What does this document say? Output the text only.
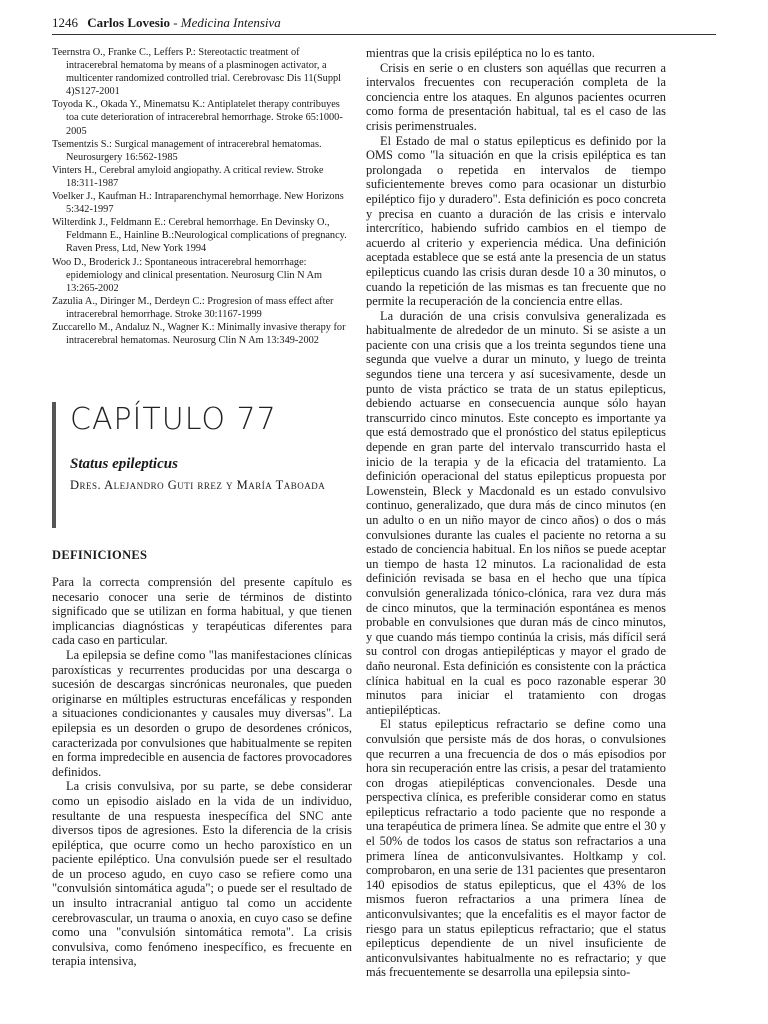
1246 Carlos Lovesio - Medicina Intensiva

Teernstra O., Franke C., Leffers P.: Stereotactic treatment of intracerebral hematoma by means of a plasminogen activator, a multicenter randomized controlled trial. Cerebrovasc Dis 11(Suppl 4)S127-2001

Toyoda K., Okada Y., Minematsu K.: Antiplatelet therapy contribuyes toa cute deterioration of intracerebral hemorrhage. Stroke 65:1000-2005

Tsementzis S.: Surgical management of intracerebral hematomas. Neurosurgery 16:562-1985

Vinters H., Cerebral amyloid angiopathy. A critical review. Stroke 18:311-1987

Voelker J., Kaufman H.: Intraparenchymal hemorrhage. New Horizons 5:342-1997

Wilterdink J., Feldmann E.: Cerebral hemorrhage. En Devinsky O., Feldmann E., Hainline B.:Neurological complications of pregnancy. Raven Press, Ltd, New York 1994

Woo D., Broderick J.: Spontaneous intracerebral hemorrhage: epidemiology and clinical presentation. Neurosurg Clin N Am 13:265-2002

Zazulia A., Diringer M., Derdeyn C.: Progresion of mass effect after intracerebral hemorrhage. Stroke 30:1167-1999

Zuccarello M., Andaluz N., Wagner K.: Minimally invasive therapy for intracerebral hematomas. Neurosurg Clin N Am 13:349-2002

CAPÍTULO 77
Status epilepticus
Dres. Alejandro Guti rrez y María Taboada

DEFINICIONES

Para la correcta comprensión del presente capítulo es necesario conocer una serie de términos de distinto significado que se utilizan en forma habitual, y que tienen implicancias diagnósticas y terapéuticas diferentes para cada caso en particular.

La epilepsia se define como "las manifestaciones clínicas paroxísticas y recurrentes producidas por una descarga o sucesión de descargas sincrónicas neuronales, que pueden originarse en múltiples estructuras encefálicas y responden a situaciones condicionantes y causales muy diversas". La epilepsia es un desorden o grupo de desordenes crónicos, caracterizada por convulsiones que habitualmente se repiten en forma impredecible en ausencia de factores provocadores definidos.

La crisis convulsiva, por su parte, se debe considerar como un episodio aislado en la vida de un individuo, resultante de una respuesta inespecífica del SNC ante diversos tipos de agresiones. Esto la diferencia de la crisis epiléptica, que ocurre como un hecho paroxístico en un paciente epiléptico. Una convulsión puede ser el resultado de un proceso agudo, en cuyo caso se refiere como una "convulsión sintomática aguda"; o puede ser el resultado de un insulto intracranial antiguo tal como un accidente cerebrovascular, un trauma o anoxia, en cuyo caso se define como una "convulsión sintomática remota". La crisis convulsiva, como fenómeno inespecífico, es frecuente en terapia intensiva,

mientras que la crisis epiléptica no lo es tanto.

Crisis en serie o en clusters son aquéllas que recurren a intervalos frecuentes con recuperación completa de la conciencia entre los ataques. En algunos pacientes ocurren como forma de presentación habitual, tal es el caso de las crisis perimenstruales.

El Estado de mal o status epilepticus es definido por la OMS como "la situación en que la crisis epiléptica es tan prolongada o repetida en intervalos de tiempo suficientemente breves como para ocasionar un disturbio epiléptico fijo y duradero". Esta definición es poco concreta y precisa en cuanto a duración de las crisis e intervalo intercrítico, habiendo sufrido cambios en el tiempo de acuerdo al criterio y experiencia médica. Una definición aceptada establece que se está ante la presencia de un status epilepticus cuando las crisis duran desde 10 a 30 minutos, o cuando la repetición de las mismas es tan frecuente que no permite la recuperación de la conciencia entre ellas.

La duración de una crisis convulsiva generalizada es habitualmente de alrededor de un minuto. Si se asiste a un paciente con una crisis que a los treinta segundos tiene una segunda que vuelve a durar un minuto, y luego de treinta segundos tiene una tercera y así sucesivamente, desde un punto de vista práctico se trata de un status epilepticus, debiendo actuarse en consecuencia aunque sólo hayan transcurrido cinco minutos. Este concepto es importante ya que está demostrado que el pronóstico del status epilepticus depende en gran parte del intervalo transcurrido hasta el inicio de la terapia y de la eficacia del tratamiento. La definición operacional del status epilepticus propuesta por Lowenstein, Bleck y Macdonald es un estado convulsivo continuo, generalizado, que dura más de cinco minutos (en un adulto o en un niño mayor de cinco años) o dos o más convulsiones durante las cuales el paciente no retorna a su estado de conciencia habitual. En los niños se puede aceptar un tiempo de hasta 12 minutos. La racionalidad de esta definición revisada se basa en el hecho que una típica convulsión generalizada tónico-clónica, rara vez dura más de cinco minutos, que la terminación espontánea es menos probable en convulsiones que duran más de cinco minutos, y que cuando más tiempo continúa la crisis, más difícil será su control con drogas antiepilépticas y mayor el grado de daño neuronal. Esta definición es consistente con la práctica clínica habitual en la cual es poco razonable esperar 30 minutos para iniciar el tratamiento con drogas antiepilépticas.

El status epilepticus refractario se define como una convulsión que persiste más de dos horas, o convulsiones que recurren a una frecuencia de dos o más episodios por hora sin recuperación entre las crisis, a pesar del tratamiento con drogas atiepilépticas convencionales. Desde una perspectiva clínica, es preferible considerar como en status epilepticus refractario a todo paciente que no responde a una terapéutica de primera línea. Se admite que entre el 30 y el 50% de todos los casos de status son refractarios a una primera línea de anticonvulsivantes. Holtkamp y col. comprobaron, en una serie de 131 pacientes que presentaron 140 episodios de status epilepticus, que el 43% de los mismos fueron refractarios a una primera línea de anticonvulsivantes; que la encefalitis es el mayor factor de riesgo para un status epilepticus refractario; que el status epilepticus dependiente de un nivel insuficiente de anticonvulsivantes habitualmente no es refractario; y que más frecuentemente se desarrolla una epilepsia sinto-
